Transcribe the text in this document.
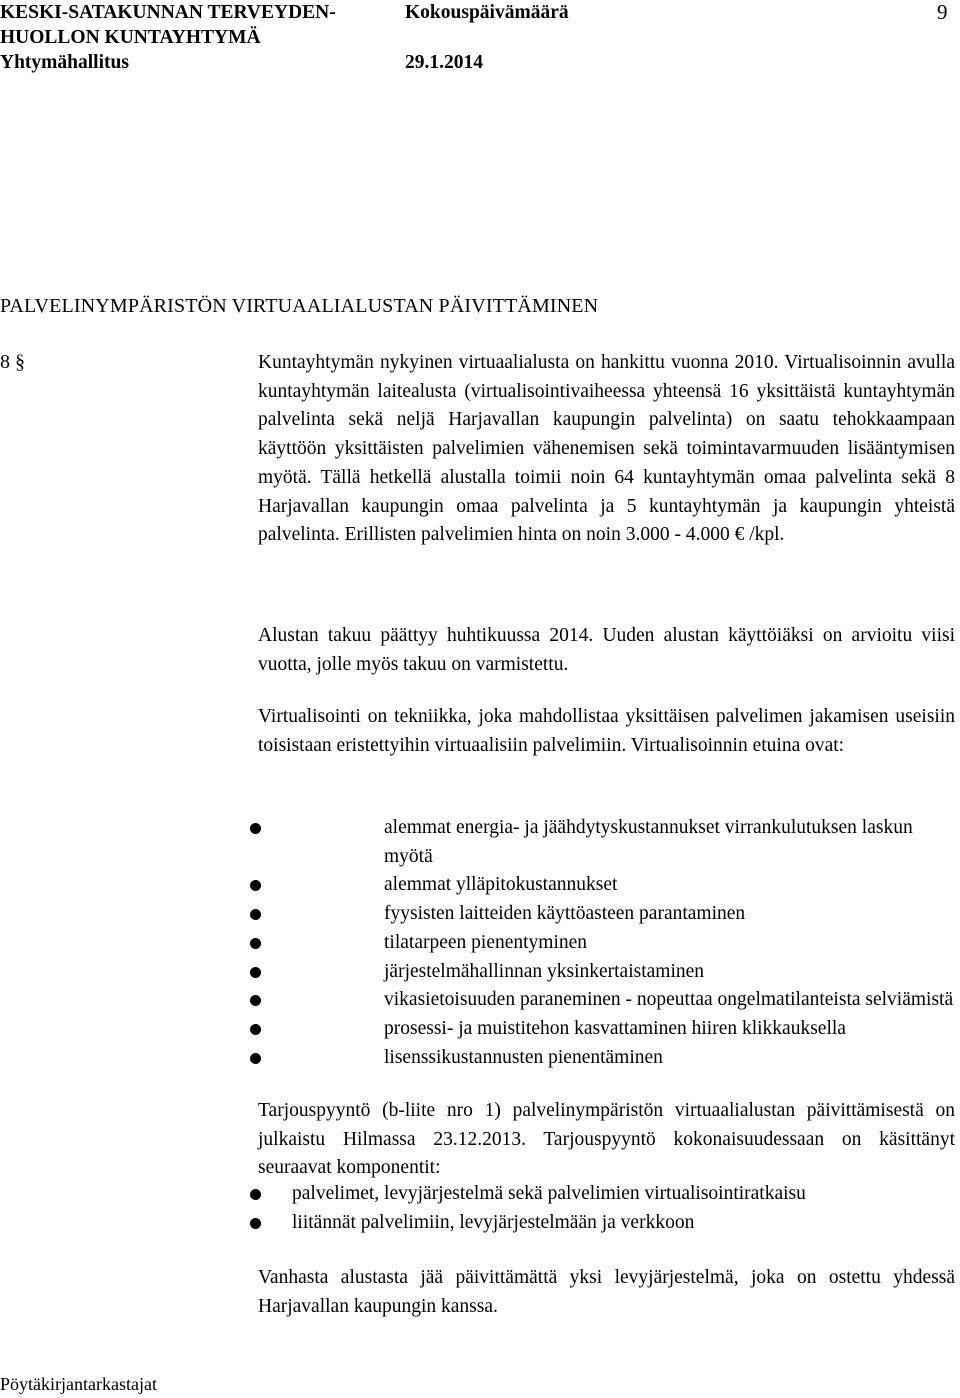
KESKI-SATAKUNNAN TERVEYDEN-
HUOLLON KUNTAYHTYMÄ
Yhtymähallitus
Kokouspäivämäärä
29.1.2014
9
PALVELINYMPÄRISTÖN VIRTUAALIALUSTAN PÄIVITTÄMINEN
8 §	Kuntayhtymän nykyinen virtuaalialusta on hankittu vuonna 2010. Virtualisoinnin avulla kuntayhtymän laitealusta (virtualisointivaiheessa yhteensä 16 yksittäistä kuntayhtymän palvelinta sekä neljä Harjavallan kaupungin palvelinta) on saatu tehokkaampaan käyttöön yksittäisten palvelimien vähenemisen sekä toimintavarmuuden lisääntymisen myötä. Tällä hetkellä alustalla toimii noin 64 kuntayhtymän omaa palvelinta sekä 8 Harjavallan kaupungin omaa palvelinta ja 5 kuntayhtymän ja kaupungin yhteistä palvelinta. Erillisten palvelimien hinta on noin 3.000 - 4.000 € /kpl.

Alustan takuu päättyy huhtikuussa 2014. Uuden alustan käyttöiäksi on arvioitu viisi vuotta, jolle myös takuu on varmistettu.

Virtualisointi on tekniikka, joka mahdollistaa yksittäisen palvelimen jakamisen useisiin toisistaan eristettyihin virtuaalisiin palvelimiin. Virtualisoinnin etuina ovat:

alemmat energia- ja jäähdytyskustannukset virrankulutuksen laskun myötä
alemmat ylläpitokustannukset
fyysisten laitteiden käyttöasteen parantaminen
tilatarpeen pienentyminen
järjestelmähallinnan yksinkertaistaminen
vikasietoisuuden paraneminen - nopeuttaa ongelmatilanteista selviämistä
prosessi- ja muistitehon kasvattaminen hiiren klikkauksella
lisenssikustannusten pienentäminen

Tarjouspyyntö (b-liite nro 1) palvelinympäristön virtuaalialustan päivittämisestä on julkaistu Hilmassa 23.12.2013. Tarjouspyyntö kokonaisuudessaan on käsittänyt seuraavat komponentit:

palvelimet, levyjärjestelmä sekä palvelimien virtualisointiratkaisu
liitännät palvelimiin, levyjärjestelmään ja verkkoon

Vanhasta alustasta jää päivittämättä yksi levyjärjestelmä, joka on ostettu yhdessä Harjavallan kaupungin kanssa.

Pöytäkirjantarkastajat
